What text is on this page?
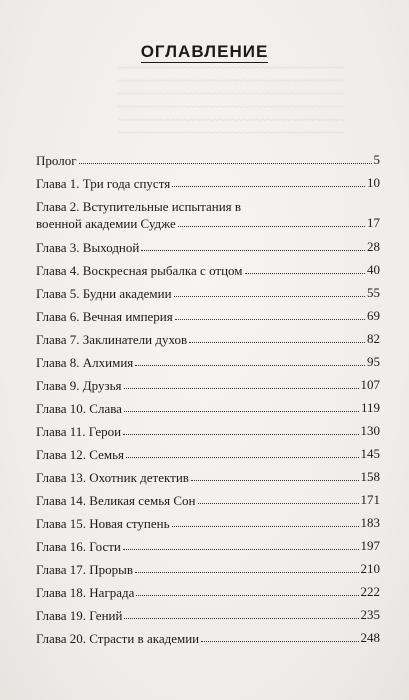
~~~~~~~~~~~~~~~~~~~~~~~~~~~~~~~~~~~~~~ ~~~~~~~~~~~~~~~~~~~~~~~~~~~~~~~~~~~~~~ ~~~~~~~~~~~~~~~~~~~~~~~~~~~~~~~~~~~~~~ ~~~~~~~~~~~~~~~~~~~~~~~~~~~~~~~~~~~~~~ ~~~~~~~~~~~~~~~~~~~~~~~~~~~~~~~~~~~~~~ ~~~~~~~~~~~~~~~~~~~~~~~~~~~~~~~~~~~~~~
ОГЛАВЛЕНИЕ
Пролог	5
Глава 1. Три года спустя	10
Глава 2. Вступительные испытания в военной академии Судже	17
Глава 3. Выходной	28
Глава 4. Воскресная рыбалка с отцом	40
Глава 5. Будни академии	55
Глава 6. Вечная империя	69
Глава 7. Заклинатели духов	82
Глава 8. Алхимия	95
Глава 9. Друзья	107
Глава 10. Слава	119
Глава 11. Герои	130
Глава 12. Семья	145
Глава 13. Охотник детектив	158
Глава 14. Великая семья Сон	171
Глава 15. Новая ступень	183
Глава 16. Гости	197
Глава 17. Прорыв	210
Глава 18. Награда	222
Глава 19. Гений	235
Глава 20. Страсти в академии	248
